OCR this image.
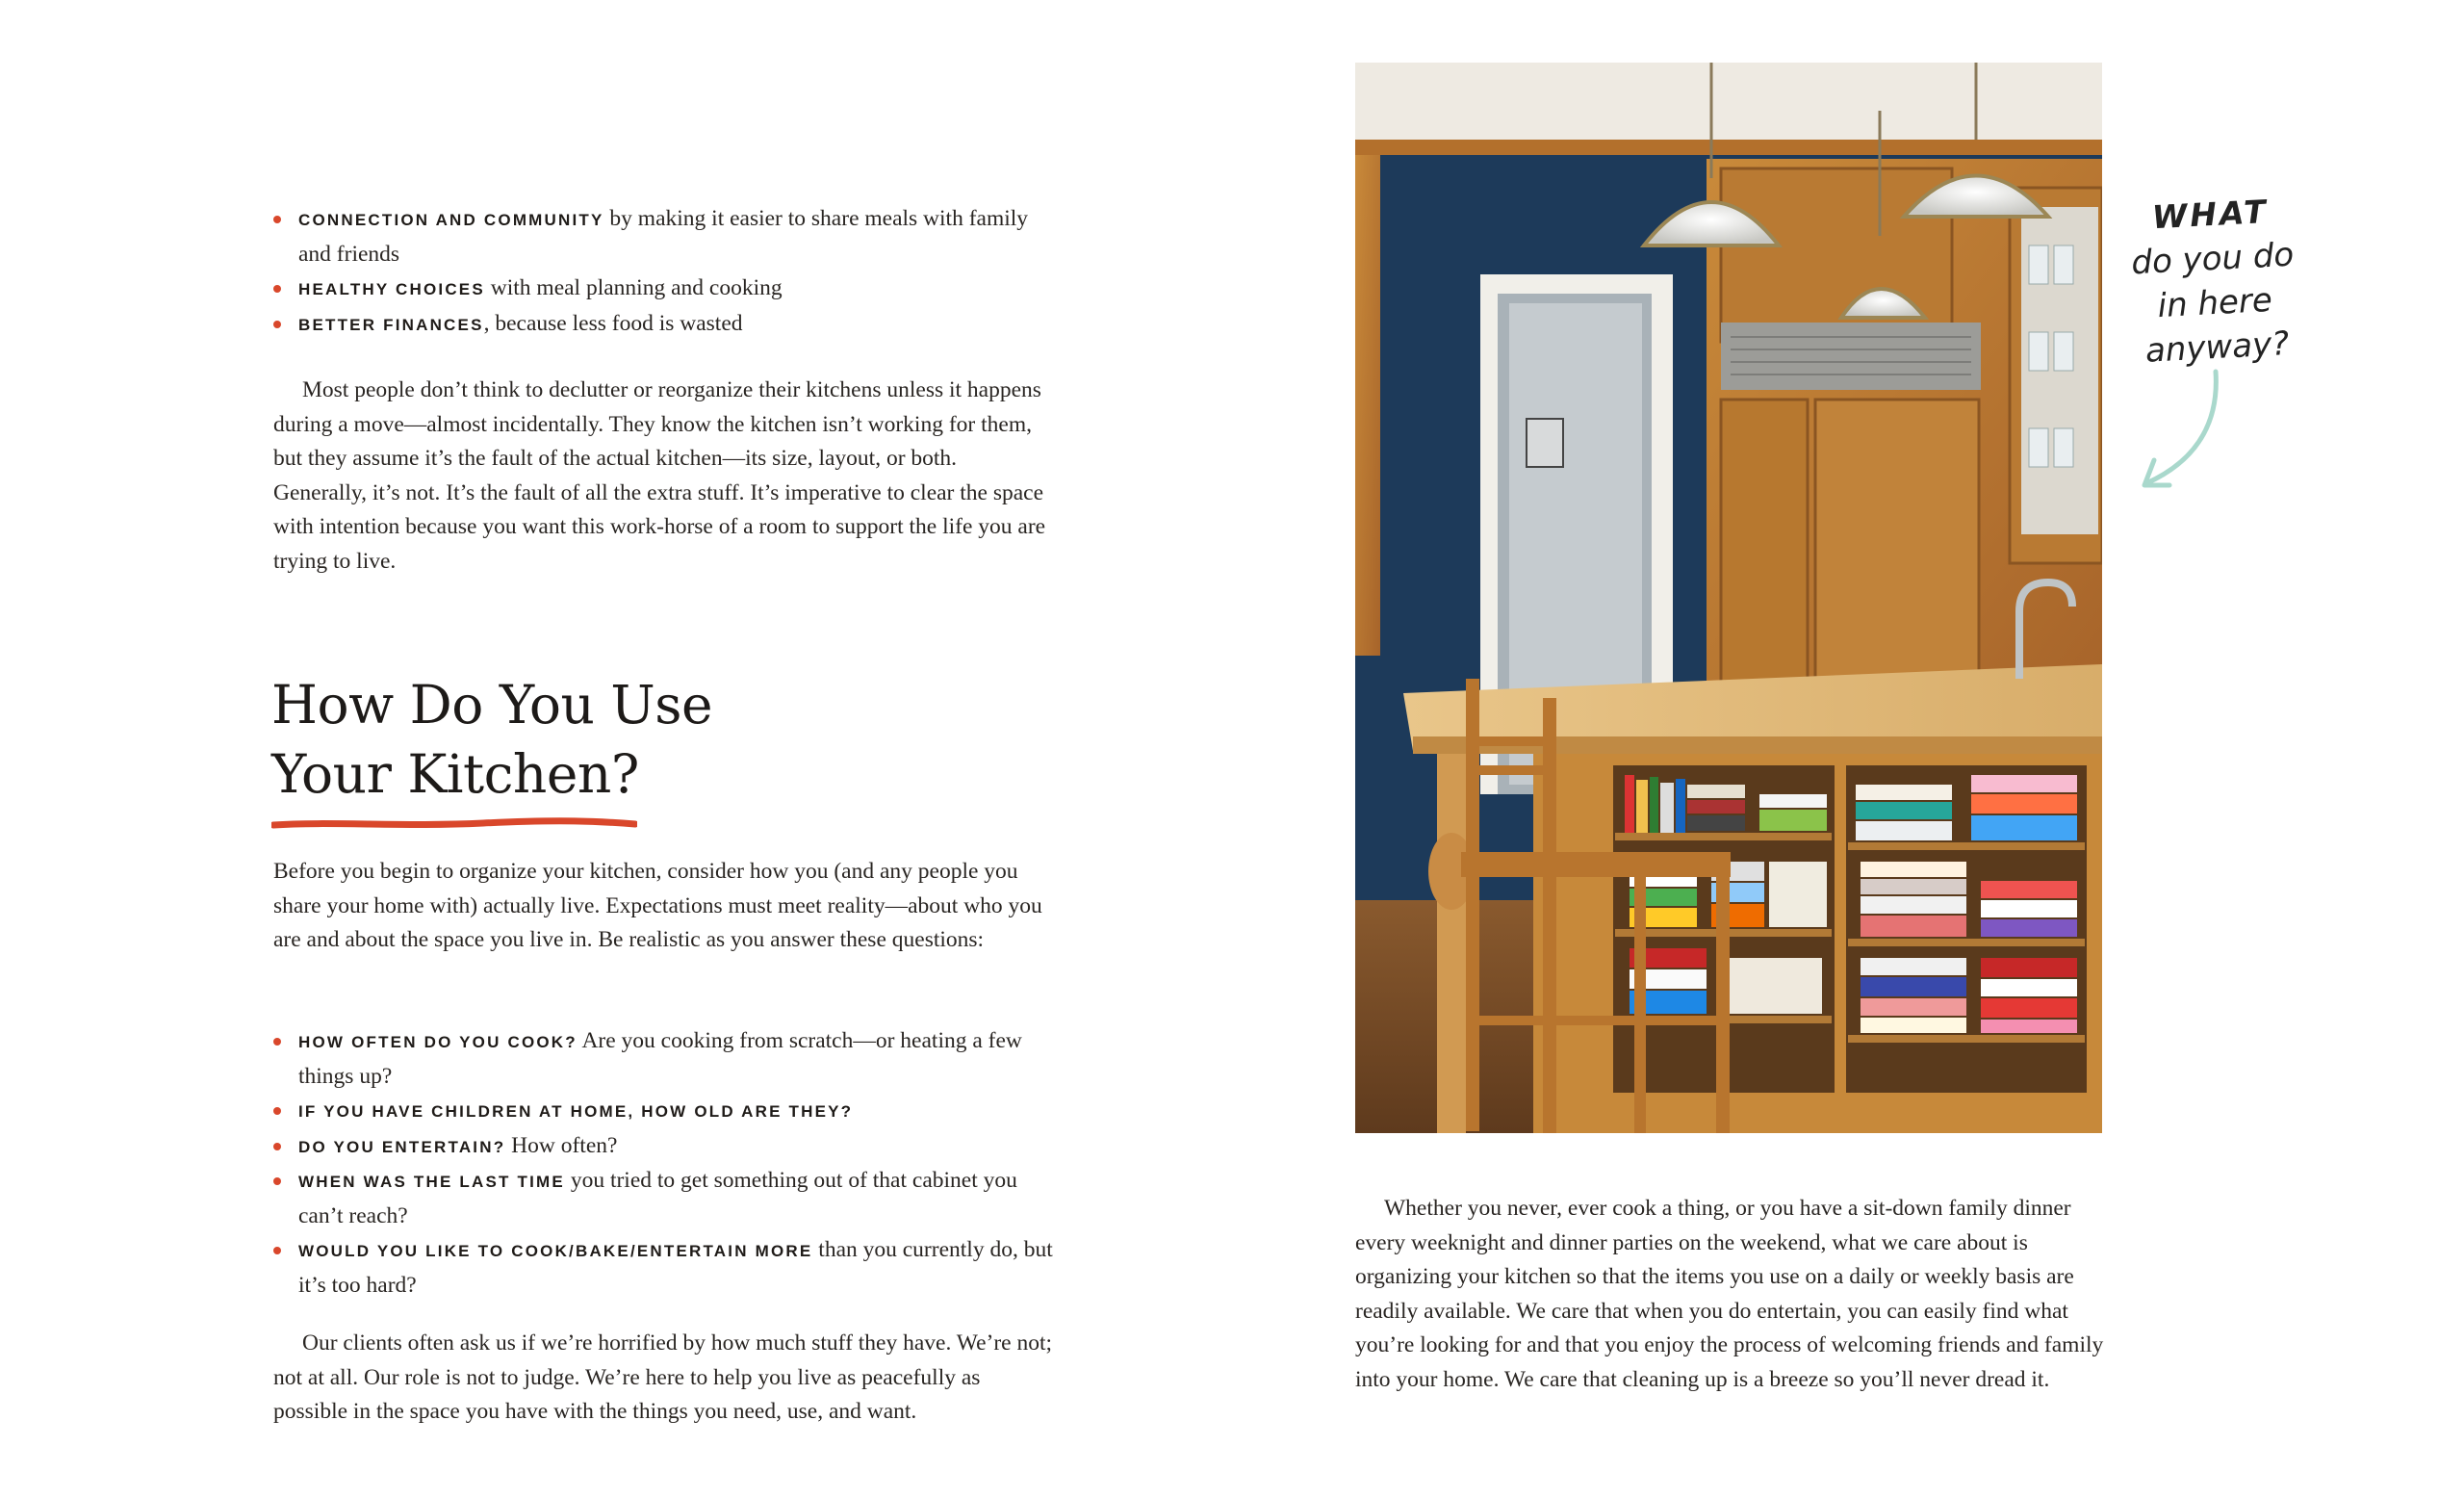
CONNECTION AND COMMUNITY by making it easier to share meals with family and friends
HEALTHY CHOICES with meal planning and cooking
BETTER FINANCES, because less food is wasted

Most people don’t think to declutter or reorganize their kitchens unless it happens during a move—almost incidentally. They know the kitchen isn’t working for them, but they assume it’s the fault of the actual kitchen—its size, layout, or both. Generally, it’s not. It’s the fault of all the extra stuff. It’s imperative to clear the space with intention because you want this work-horse of a room to support the life you are trying to live.

How Do You Use
Your Kitchen?

Before you begin to organize your kitchen, consider how you (and any people you share your home with) actually live. Expectations must meet reality—about who you are and about the space you live in. Be realistic as you answer these questions:

HOW OFTEN DO YOU COOK? Are you cooking from scratch—or heating a few things up?
IF YOU HAVE CHILDREN AT HOME, HOW OLD ARE THEY?
DO YOU ENTERTAIN? How often?
WHEN WAS THE LAST TIME you tried to get something out of that cabinet you can’t reach?
WOULD YOU LIKE TO COOK/BAKE/ENTERTAIN MORE than you currently do, but it’s too hard?

Our clients often ask us if we’re horrified by how much stuff they have. We’re not; not at all. Our role is not to judge. We’re here to help you live as peacefully as possible in the space you have with the things you need, use, and want.

WHAT
do you do
in here
anyway?

Whether you never, ever cook a thing, or you have a sit-down family dinner every weeknight and dinner parties on the weekend, what we care about is organizing your kitchen so that the items you use on a daily or weekly basis are readily available. We care that when you do entertain, you can easily find what you’re looking for and that you enjoy the process of welcoming friends and family into your home. We care that cleaning up is a breeze so you’ll never dread it.
